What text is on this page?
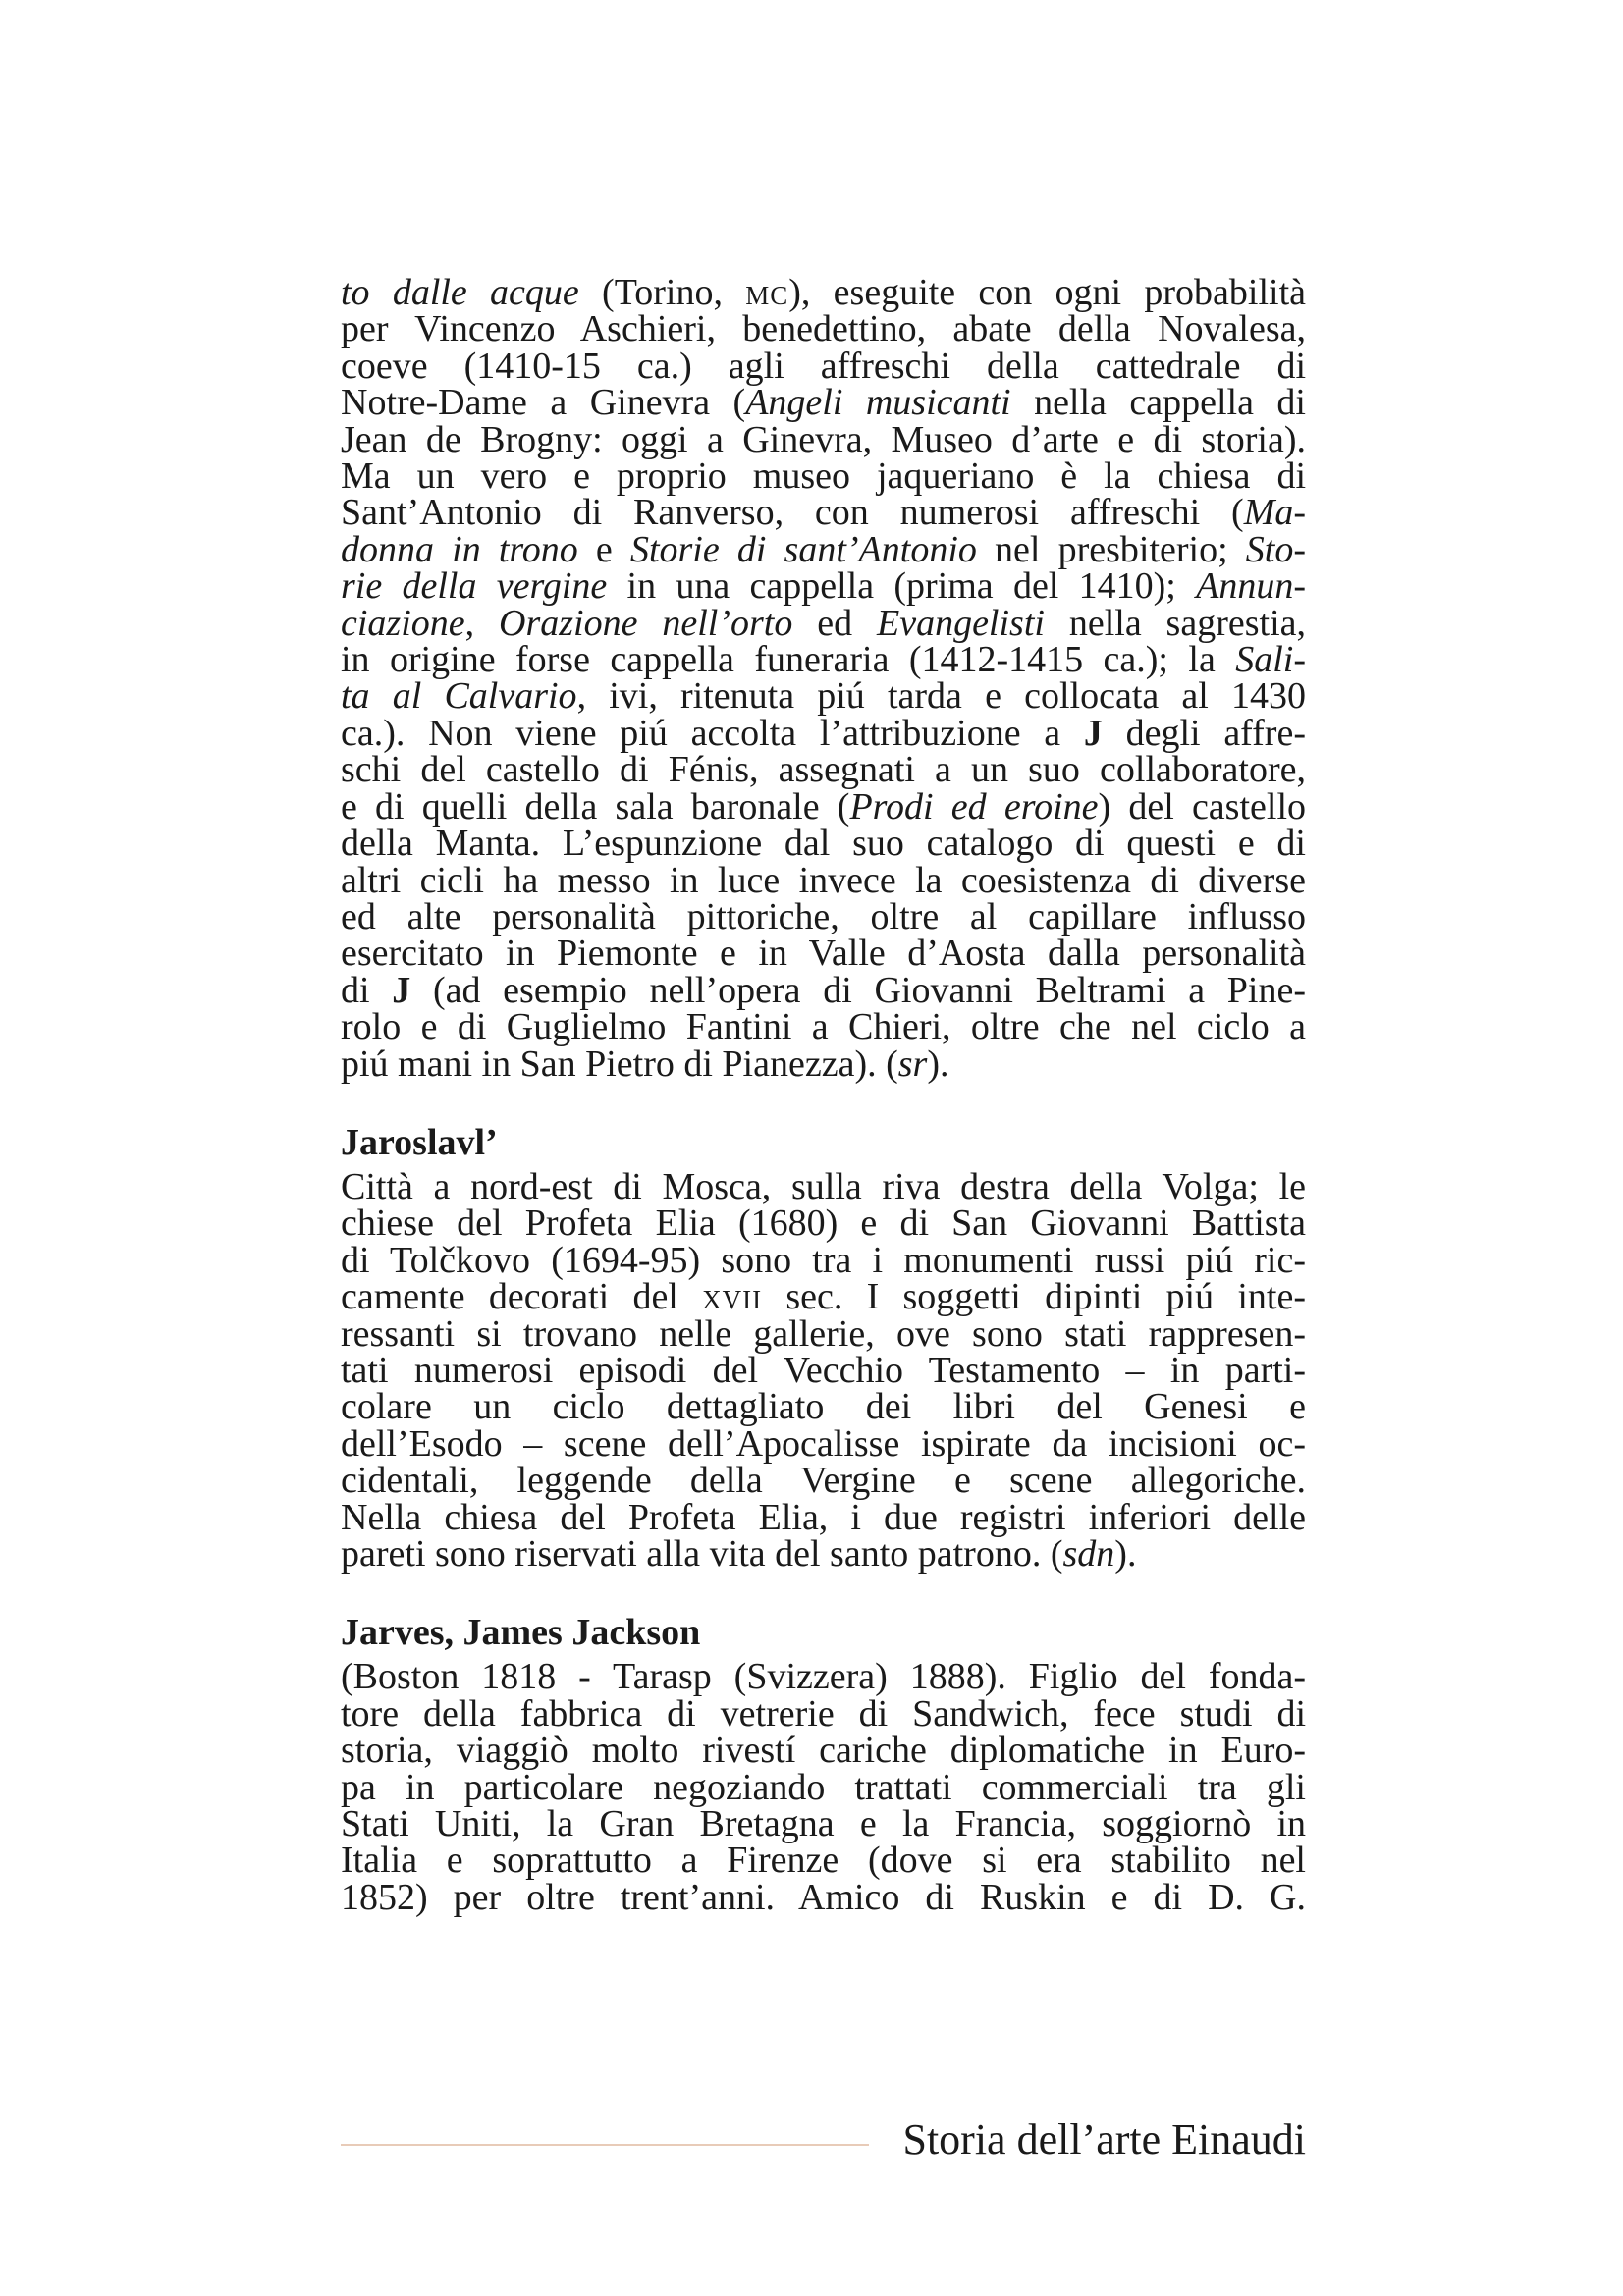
to dalle acque (Torino, mc), eseguite con ogni probabilità
per Vincenzo Aschieri, benedettino, abate della Novalesa,
coeve (1410-15 ca.) agli affreschi della cattedrale di
Notre-Dame a Ginevra (Angeli musicanti nella cappella di
Jean de Brogny: oggi a Ginevra, Museo d’arte e di storia).
Ma un vero e proprio museo jaqueriano è la chiesa di
Sant’Antonio di Ranverso, con numerosi affreschi (Ma-
donna in trono e Storie di sant’Antonio nel presbiterio; Sto-
rie della vergine in una cappella (prima del 1410); Annun-
ciazione, Orazione nell’orto ed Evangelisti nella sagrestia,
in origine forse cappella funeraria (1412-1415 ca.); la Sali-
ta al Calvario, ivi, ritenuta piú tarda e collocata al 1430
ca.). Non viene piú accolta l’attribuzione a J degli affre-
schi del castello di Fénis, assegnati a un suo collaboratore,
e di quelli della sala baronale (Prodi ed eroine) del castello
della Manta. L’espunzione dal suo catalogo di questi e di
altri cicli ha messo in luce invece la coesistenza di diverse
ed alte personalità pittoriche, oltre al capillare influsso
esercitato in Piemonte e in Valle d’Aosta dalla personalità
di J (ad esempio nell’opera di Giovanni Beltrami a Pine-
rolo e di Guglielmo Fantini a Chieri, oltre che nel ciclo a
piú mani in San Pietro di Pianezza). (sr).
Jaroslavl’
Città a nord-est di Mosca, sulla riva destra della Volga; le
chiese del Profeta Elia (1680) e di San Giovanni Battista
di Tolčkovo (1694-95) sono tra i monumenti russi piú ric-
camente decorati del xvii sec. I soggetti dipinti piú inte-
ressanti si trovano nelle gallerie, ove sono stati rappresen-
tati numerosi episodi del Vecchio Testamento – in parti-
colare un ciclo dettagliato dei libri del Genesi e
dell’Esodo – scene dell’Apocalisse ispirate da incisioni oc-
cidentali, leggende della Vergine e scene allegoriche.
Nella chiesa del Profeta Elia, i due registri inferiori delle
pareti sono riservati alla vita del santo patrono. (sdn).
Jarves, James Jackson
(Boston 1818 - Tarasp (Svizzera) 1888). Figlio del fonda-
tore della fabbrica di vetrerie di Sandwich, fece studi di
storia, viaggiò molto rivestí cariche diplomatiche in Euro-
pa in particolare negoziando trattati commerciali tra gli
Stati Uniti, la Gran Bretagna e la Francia, soggiornò in
Italia e soprattutto a Firenze (dove si era stabilito nel
1852) per oltre trent’anni. Amico di Ruskin e di D. G.
Storia dell’arte Einaudi
